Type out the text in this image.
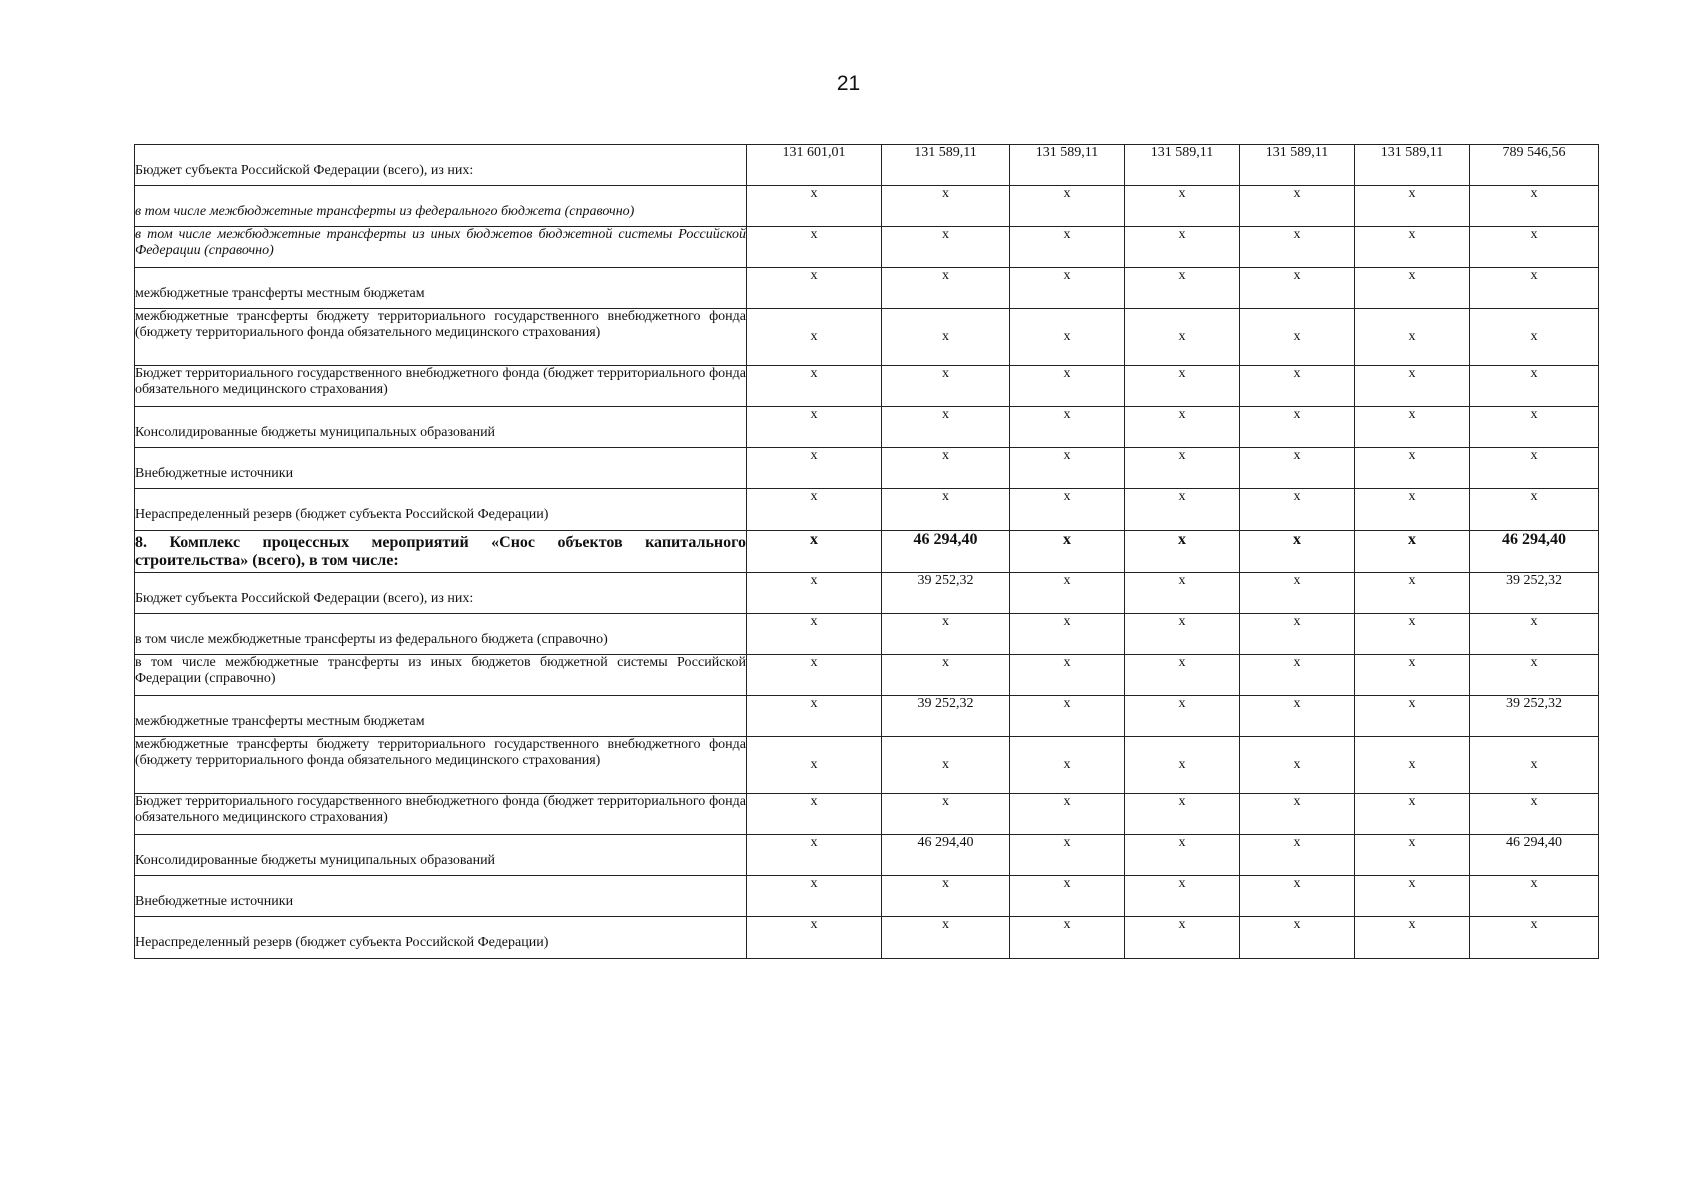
21
Бюджет субъекта Российской Федерации (всего), из них:	131 601,01	131 589,11	131 589,11	131 589,11	131 589,11	131 589,11	789 546,56
в том числе межбюджетные трансферты из федерального бюджета (справочно)	x	x	x	x	x	x	x
в том числе межбюджетные трансферты из иных бюджетов бюджетной системы Российской Федерации (справочно)	x	x	x	x	x	x	x
межбюджетные трансферты местным бюджетам	x	x	x	x	x	x	x
межбюджетные трансферты бюджету территориального государственного внебюджетного фонда (бюджету территориального фонда обязательного медицинского страхования)	x	x	x	x	x	x	x
Бюджет территориального государственного внебюджетного фонда (бюджет территориального фонда обязательного медицинского страхования)	x	x	x	x	x	x	x
Консолидированные бюджеты муниципальных образований	x	x	x	x	x	x	x
Внебюджетные источники	x	x	x	x	x	x	x
Нераспределенный резерв (бюджет субъекта Российской Федерации)	x	x	x	x	x	x	x
8. Комплекс процессных мероприятий «Снос объектов капитального строительства» (всего), в том числе:	x	46 294,40	x	x	x	x	46 294,40
Бюджет субъекта Российской Федерации (всего), из них:	x	39 252,32	x	x	x	x	39 252,32
в том числе межбюджетные трансферты из федерального бюджета (справочно)	x	x	x	x	x	x	x
в том числе межбюджетные трансферты из иных бюджетов бюджетной системы Российской Федерации (справочно)	x	x	x	x	x	x	x
межбюджетные трансферты местным бюджетам	x	39 252,32	x	x	x	x	39 252,32
межбюджетные трансферты бюджету территориального государственного внебюджетного фонда (бюджету территориального фонда обязательного медицинского страхования)	x	x	x	x	x	x	x
Бюджет территориального государственного внебюджетного фонда (бюджет территориального фонда обязательного медицинского страхования)	x	x	x	x	x	x	x
Консолидированные бюджеты муниципальных образований	x	46 294,40	x	x	x	x	46 294,40
Внебюджетные источники	x	x	x	x	x	x	x
Нераспределенный резерв (бюджет субъекта Российской Федерации)	x	x	x	x	x	x	x
